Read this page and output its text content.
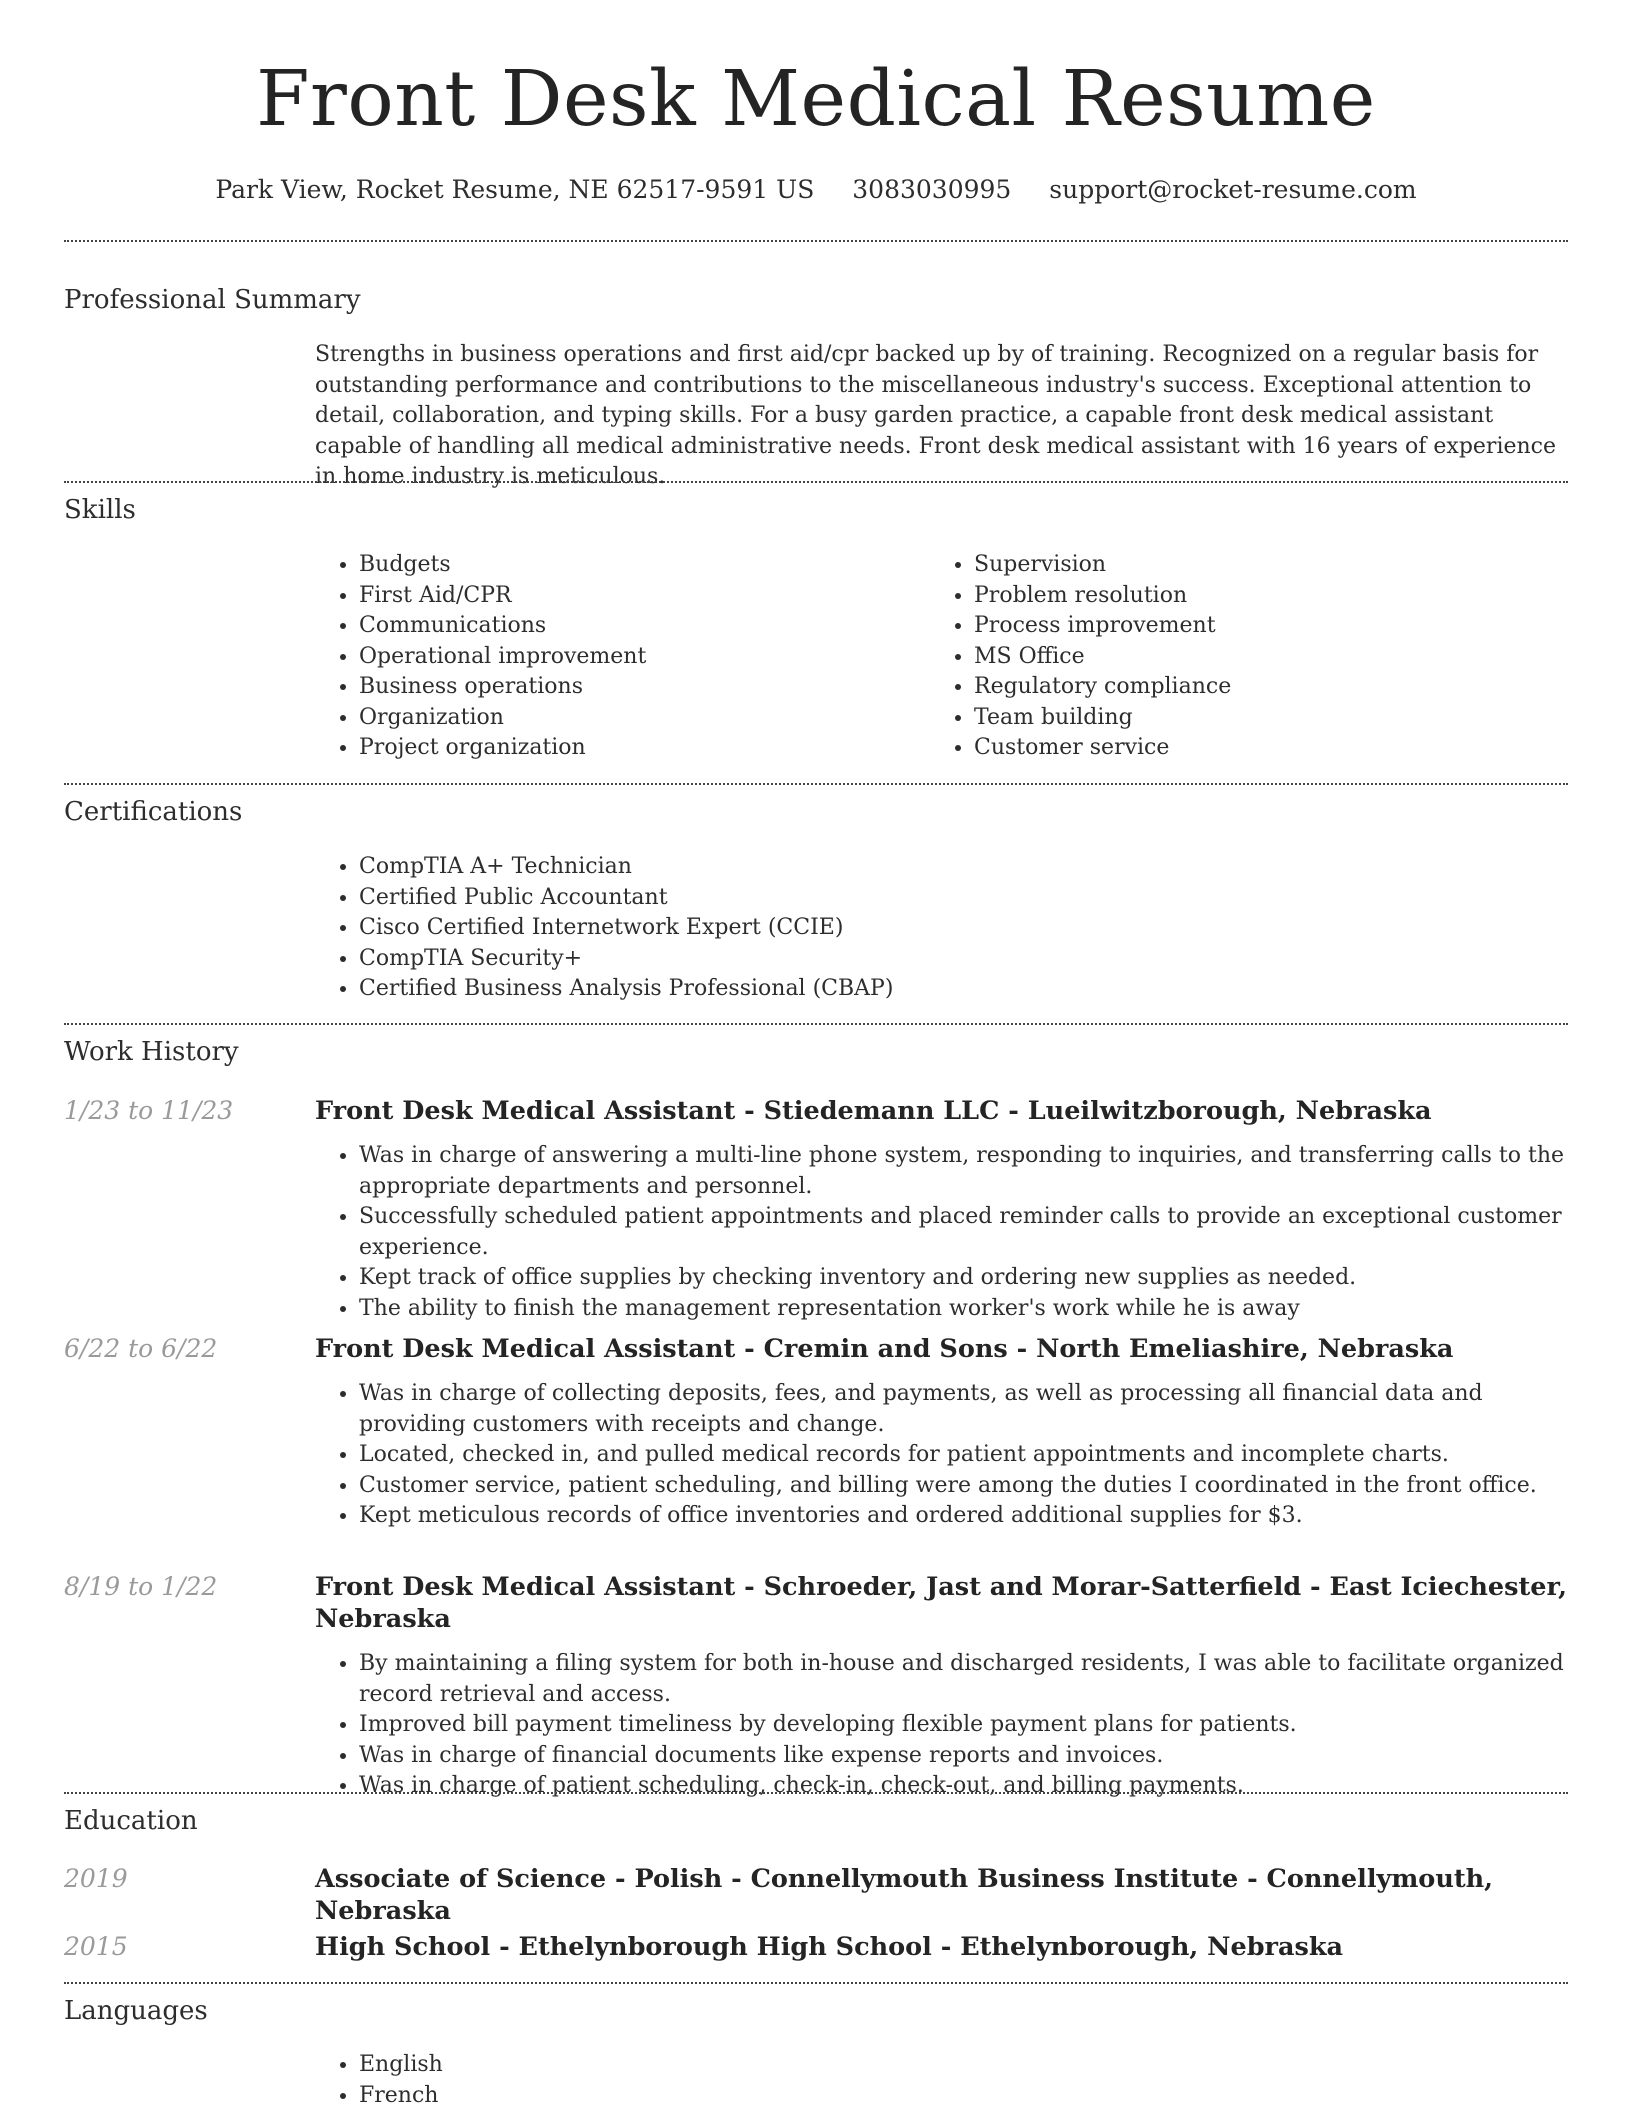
Front Desk Medical Resume
Park View, Rocket Resume, NE 62517-9591 US 3083030995 support@rocket-resume.com
Professional Summary

Strengths in business operations and first aid/cpr backed up by of training. Recognized on a regular basis for outstanding performance and contributions to the miscellaneous industry's success. Exceptional attention to detail, collaboration, and typing skills. For a busy garden practice, a capable front desk medical assistant capable of handling all medical administrative needs. Front desk medical assistant with 16 years of experience in home industry is meticulous.

Skills
• Budgets
• First Aid/CPR
• Communications
• Operational improvement
• Business operations
• Organization
• Project organization
• Supervision
• Problem resolution
• Process improvement
• MS Office
• Regulatory compliance
• Team building
• Customer service
Certifications
• CompTIA A+ Technician
• Certified Public Accountant
• Cisco Certified Internetwork Expert (CCIE)
• CompTIA Security+
• Certified Business Analysis Professional (CBAP)
Work History
1/23 to 11/23	Front Desk Medical Assistant - Stiedemann LLC - Lueilwitzborough, Nebraska
• Was in charge of answering a multi-line phone system, responding to inquiries, and transferring calls to the appropriate departments and personnel.
• Successfully scheduled patient appointments and placed reminder calls to provide an exceptional customer experience.
• Kept track of office supplies by checking inventory and ordering new supplies as needed.
• The ability to finish the management representation worker's work while he is away
6/22 to 6/22	Front Desk Medical Assistant - Cremin and Sons - North Emeliashire, Nebraska
• Was in charge of collecting deposits, fees, and payments, as well as processing all financial data and providing customers with receipts and change.
• Located, checked in, and pulled medical records for patient appointments and incomplete charts.
• Customer service, patient scheduling, and billing were among the duties I coordinated in the front office.
• Kept meticulous records of office inventories and ordered additional supplies for $3.
8/19 to 1/22	Front Desk Medical Assistant - Schroeder, Jast and Morar-Satterfield - East Iciechester, Nebraska
• By maintaining a filing system for both in-house and discharged residents, I was able to facilitate organized record retrieval and access.
• Improved bill payment timeliness by developing flexible payment plans for patients.
• Was in charge of financial documents like expense reports and invoices.
• Was in charge of patient scheduling, check-in, check-out, and billing payments.
Education
2019	Associate of Science - Polish - Connellymouth Business Institute - Connellymouth, Nebraska
2015	High School - Ethelynborough High School - Ethelynborough, Nebraska
Languages
• English
• French
